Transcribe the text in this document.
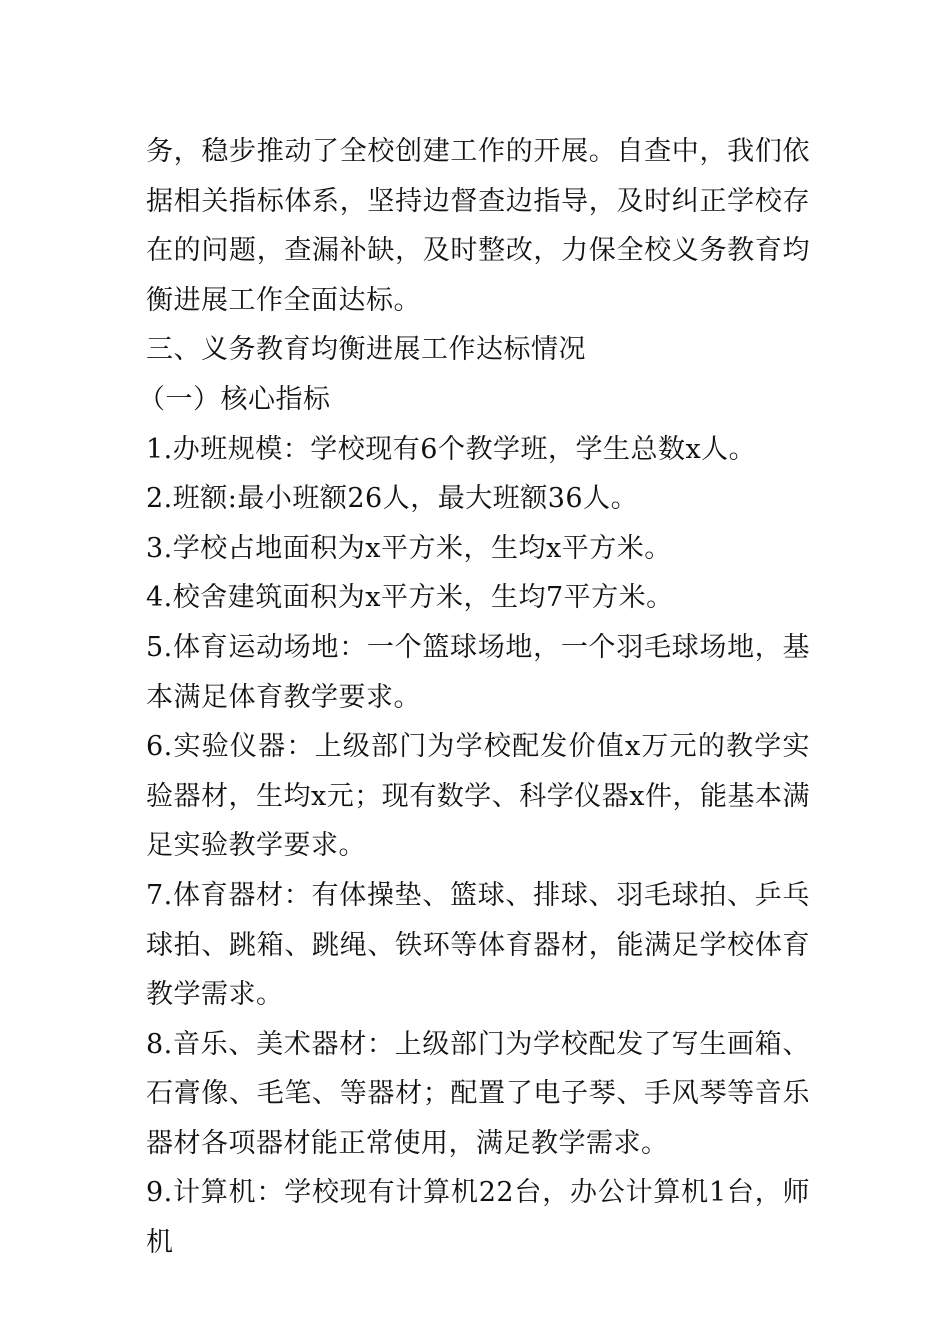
务，稳步推动了全校创建工作的开展。自查中，我们依据相关指标体系，坚持边督查边指导，及时纠正学校存在的问题，查漏补缺，及时整改，力保全校义务教育均衡进展工作全面达标。

三、义务教育均衡进展工作达标情况

（一）核心指标

1.办班规模：学校现有6个教学班，学生总数x人。

2.班额:最小班额26人，最大班额36人。

3.学校占地面积为x平方米，生均x平方米。

4.校舍建筑面积为x平方米，生均7平方米。

5.体育运动场地：一个篮球场地，一个羽毛球场地，基本满足体育教学要求。

6.实验仪器：上级部门为学校配发价值x万元的教学实验器材，生均x元；现有数学、科学仪器x件，能基本满足实验教学要求。

7.体育器材：有体操垫、篮球、排球、羽毛球拍、乒乓球拍、跳箱、跳绳、铁环等体育器材，能满足学校体育教学需求。

8.音乐、美术器材：上级部门为学校配发了写生画箱、石膏像、毛笔、等器材；配置了电子琴、手风琴等音乐器材各项器材能正常使用，满足教学需求。

9.计算机：学校现有计算机22台，办公计算机1台，师机
